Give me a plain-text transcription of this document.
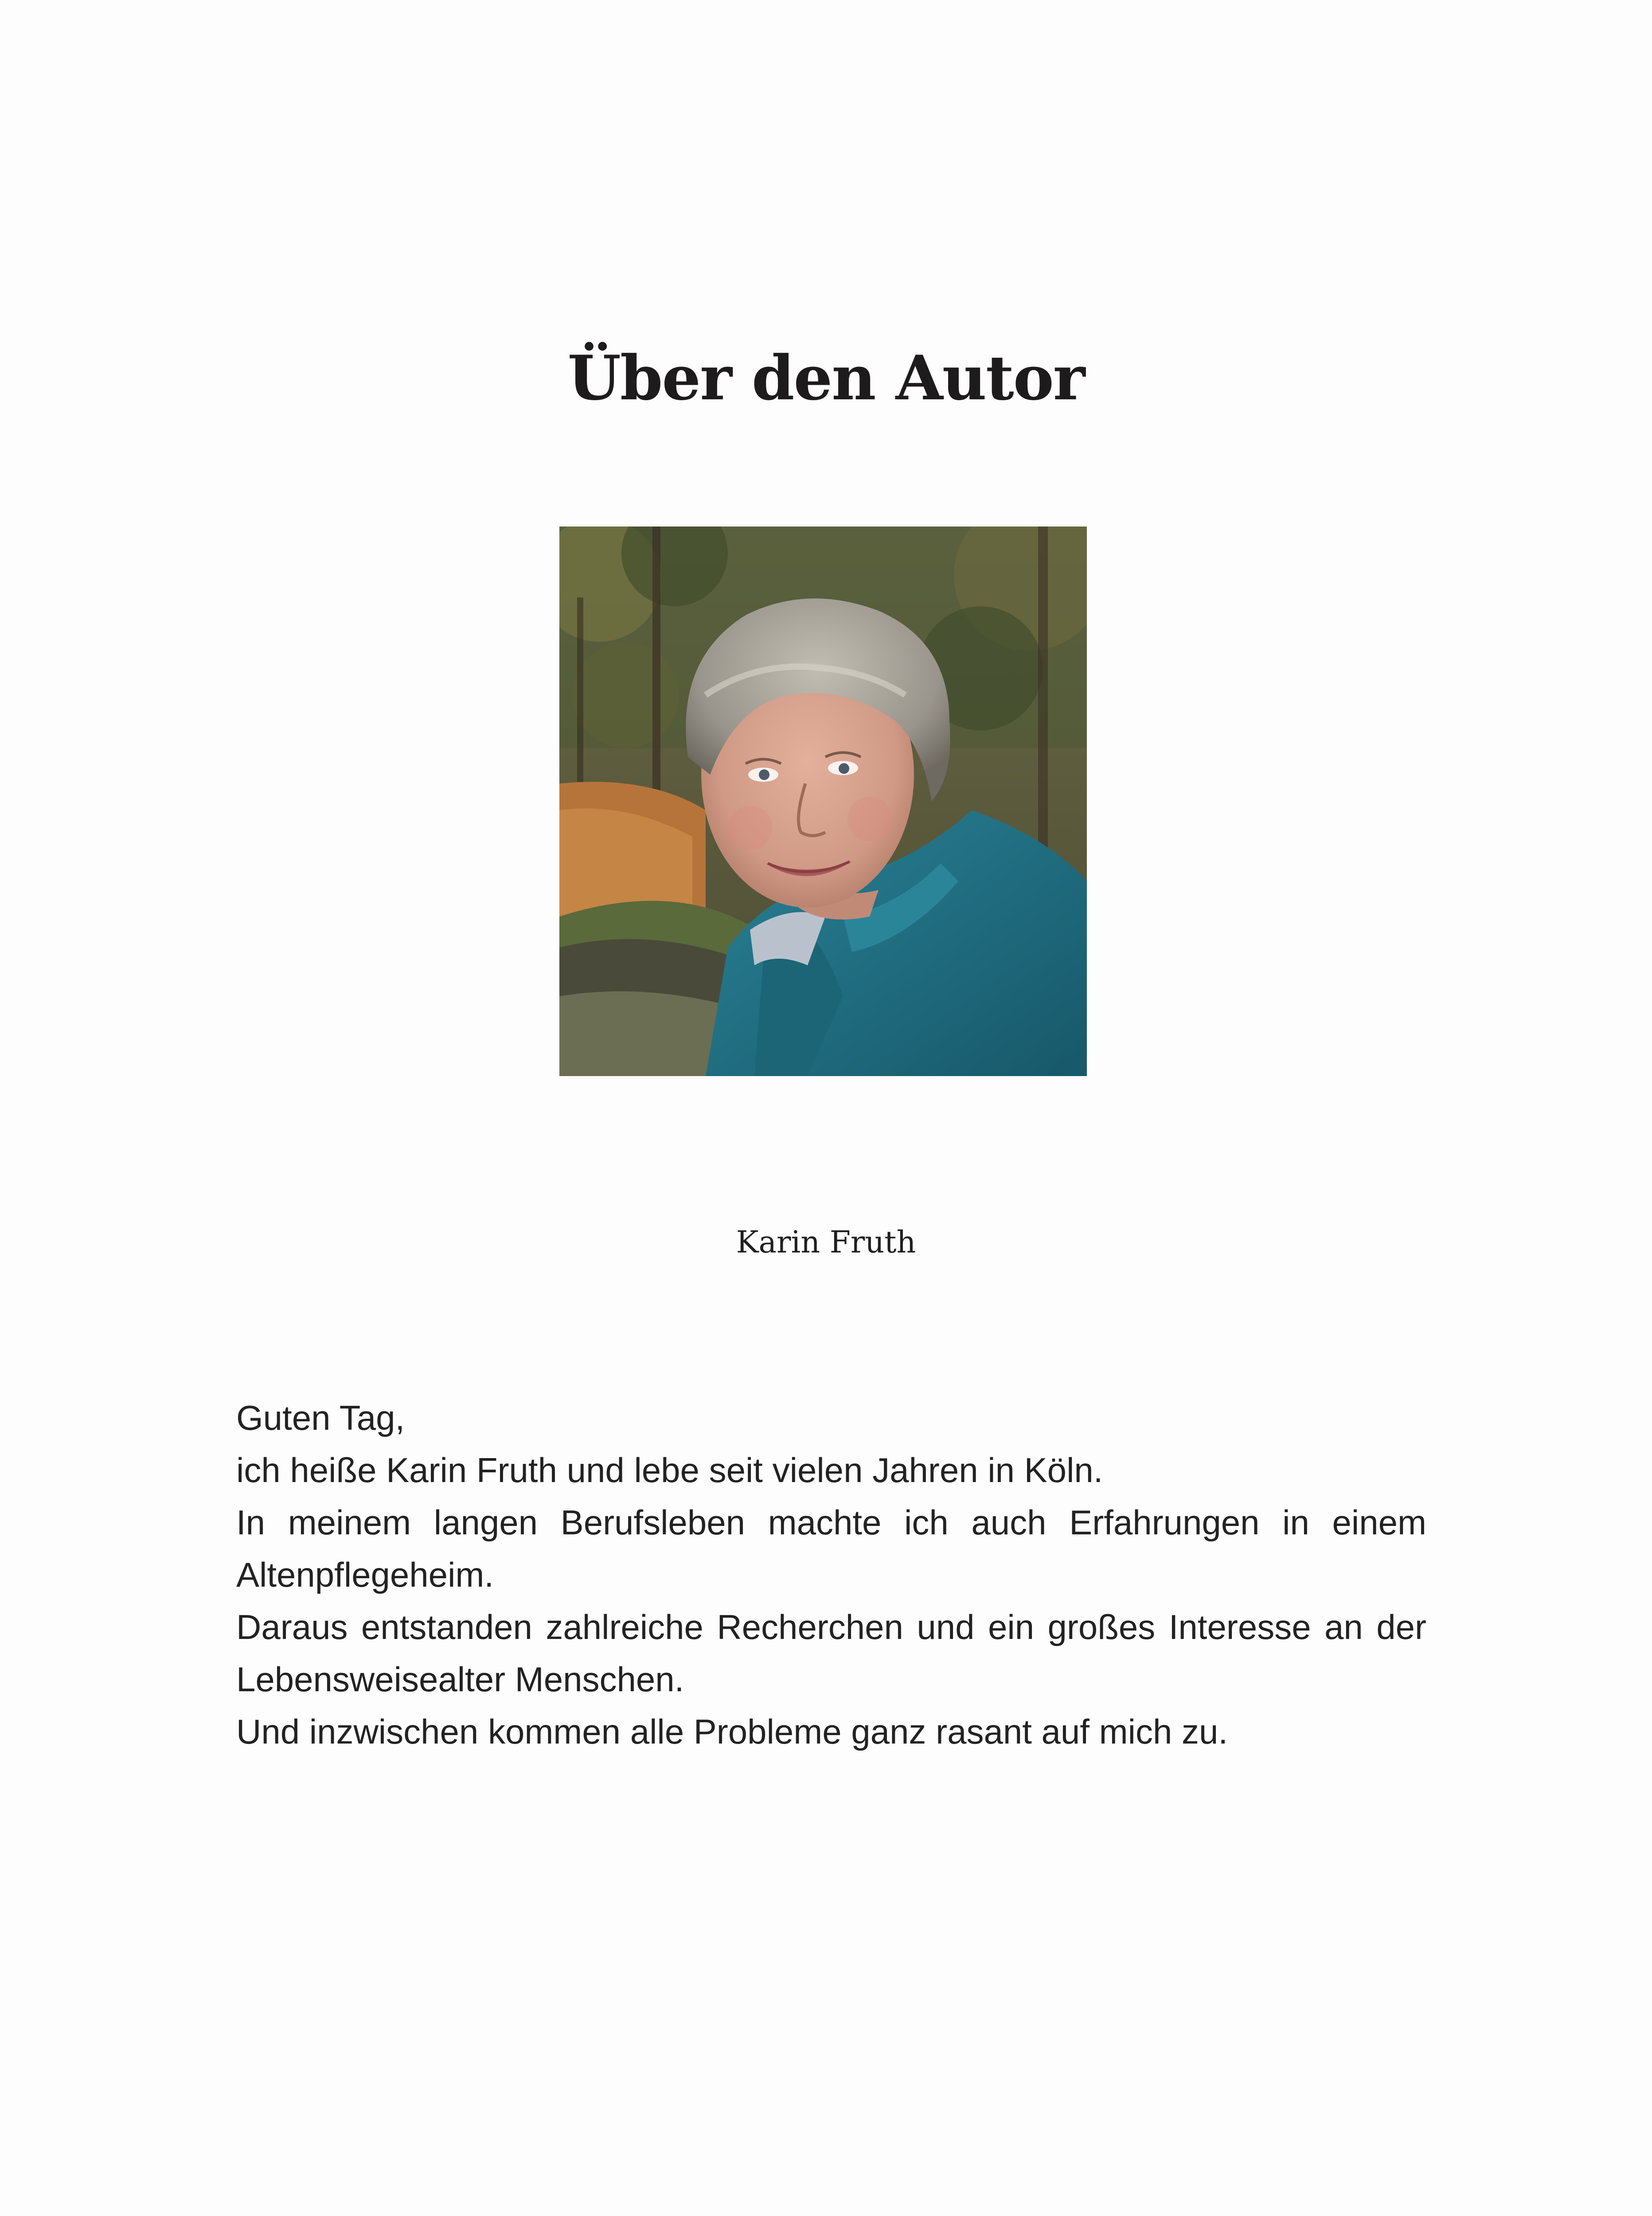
Über den Autor
Karin Fruth

Guten Tag,

ich heiße Karin Fruth und lebe seit vielen Jahren in Köln.

In meinem langen Berufsleben machte ich auch Erfahrungen in einem Altenpflegeheim.

Daraus entstanden zahlreiche Recherchen und ein großes Interesse an der Lebensweisealter Menschen.

Und inzwischen kommen alle Probleme ganz rasant auf mich zu.
